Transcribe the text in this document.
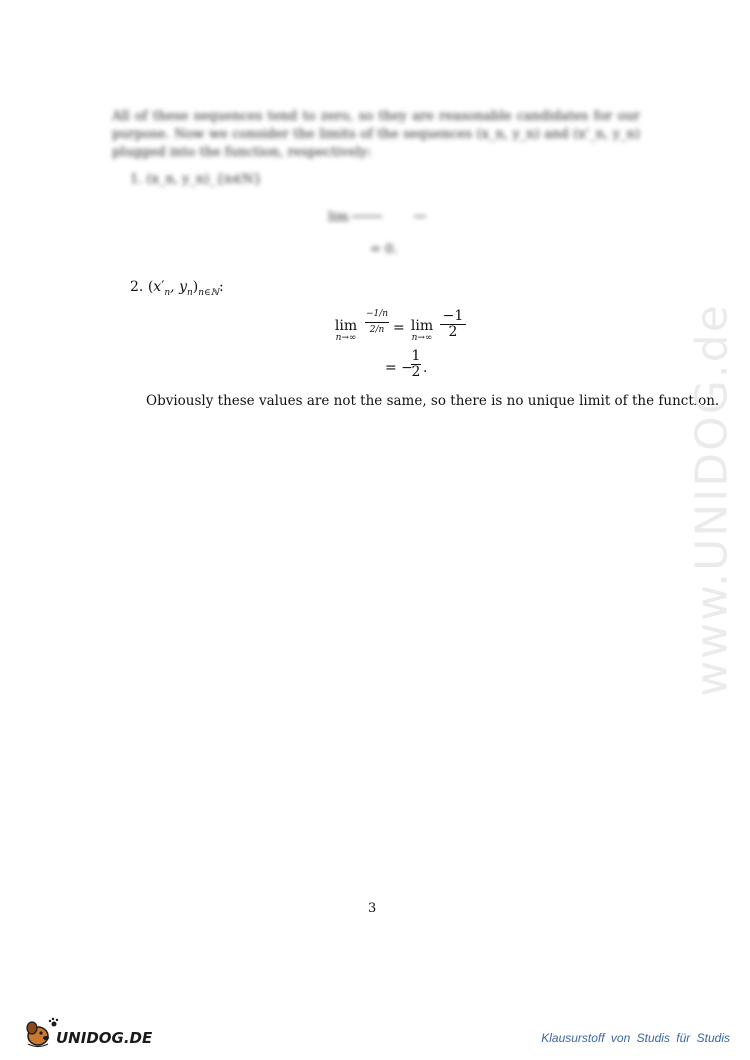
All of these sequences tend to zero, so they are reasonable candidates for our purpose. Now we consider the limits of the sequences (x_n, y_n) and (x'_n, y_n) plugged into the function, respectively:
1. (x_n, y_n)_{n∈N}
lim
= 0.
2. ($x'_n$, $y_n)_{n\in ℕ}$:
lim
n→∞
−1/n
2/n = lim
n→∞
−1
2
= −
1
2 .
Obviously these values are not the same, so there is no unique limit of the function.
3
www.UNIDOG.de
UNIDOG.DE	Klausurstoff von Studis für Studis
